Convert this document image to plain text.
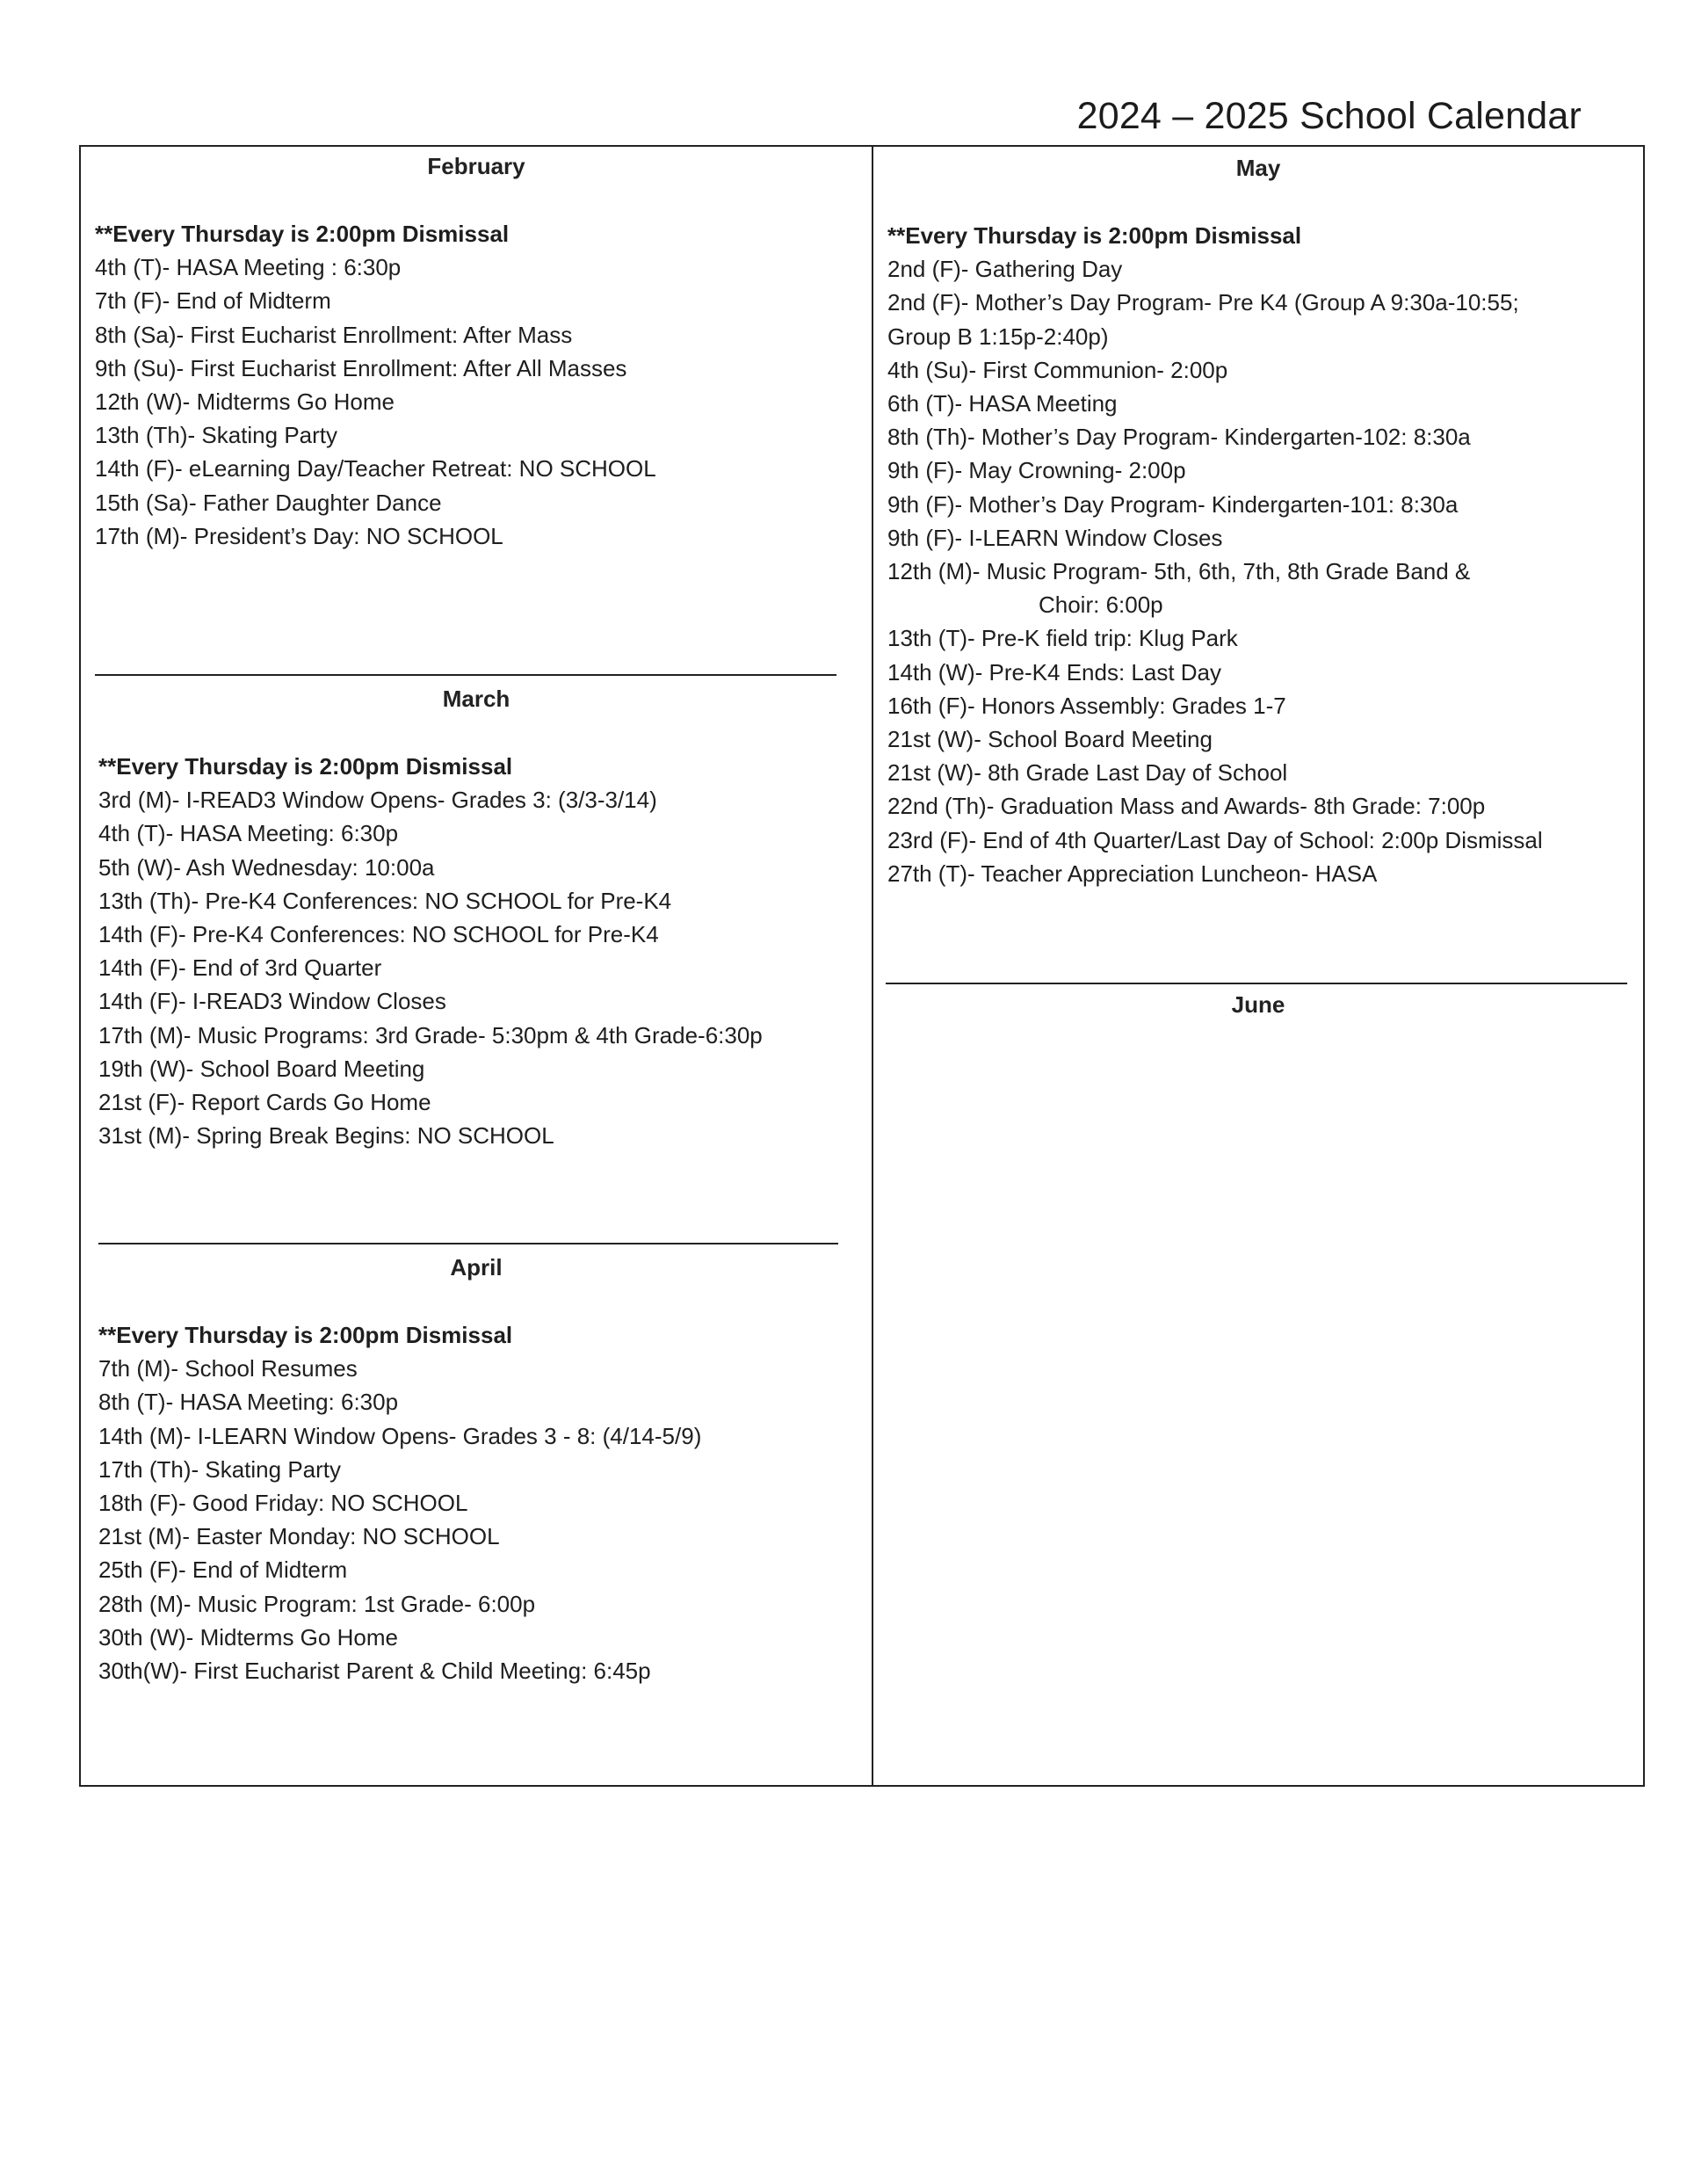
2024 – 2025 School Calendar
February
**Every Thursday is 2:00pm Dismissal
4th (T)- HASA Meeting : 6:30p
7th (F)- End of Midterm
8th (Sa)- First Eucharist Enrollment: After Mass
9th (Su)- First Eucharist Enrollment: After All Masses
12th (W)- Midterms Go Home
13th (Th)- Skating Party
14th (F)- eLearning Day/Teacher Retreat: NO SCHOOL
15th (Sa)- Father Daughter Dance
17th (M)- President’s Day: NO SCHOOL
March
**Every Thursday is 2:00pm Dismissal
3rd (M)- I-READ3 Window Opens- Grades 3: (3/3-3/14)
4th (T)- HASA Meeting: 6:30p
5th (W)- Ash Wednesday: 10:00a
13th (Th)- Pre-K4 Conferences: NO SCHOOL for Pre-K4
14th (F)- Pre-K4 Conferences: NO SCHOOL for Pre-K4
14th (F)- End of 3rd Quarter
14th (F)- I-READ3 Window Closes
17th (M)- Music Programs: 3rd Grade- 5:30pm & 4th Grade-6:30p
19th (W)- School Board Meeting
21st (F)- Report Cards Go Home
31st (M)- Spring Break Begins: NO SCHOOL
April
**Every Thursday is 2:00pm Dismissal
7th (M)- School Resumes
8th (T)- HASA Meeting: 6:30p
14th (M)- I-LEARN Window Opens- Grades 3 - 8: (4/14-5/9)
17th (Th)- Skating Party
18th (F)- Good Friday: NO SCHOOL
21st (M)- Easter Monday: NO SCHOOL
25th (F)- End of Midterm
28th (M)- Music Program: 1st Grade- 6:00p
30th (W)- Midterms Go Home
30th(W)- First Eucharist Parent & Child Meeting: 6:45p
May
**Every Thursday is 2:00pm Dismissal
2nd (F)- Gathering Day
2nd (F)- Mother’s Day Program- Pre K4 (Group A 9:30a-10:55;
Group B 1:15p-2:40p)
4th (Su)- First Communion- 2:00p
6th (T)- HASA Meeting
8th (Th)- Mother’s Day Program- Kindergarten-102: 8:30a
9th (F)- May Crowning- 2:00p
9th (F)- Mother’s Day Program- Kindergarten-101: 8:30a
9th (F)- I-LEARN Window Closes
12th (M)- Music Program- 5th, 6th, 7th, 8th Grade Band &
Choir: 6:00p
13th (T)- Pre-K field trip: Klug Park
14th (W)- Pre-K4 Ends: Last Day
16th (F)- Honors Assembly: Grades 1-7
21st (W)- School Board Meeting
21st (W)- 8th Grade Last Day of School
22nd (Th)- Graduation Mass and Awards- 8th Grade: 7:00p
23rd (F)- End of 4th Quarter/Last Day of School: 2:00p Dismissal
27th (T)- Teacher Appreciation Luncheon- HASA
June
